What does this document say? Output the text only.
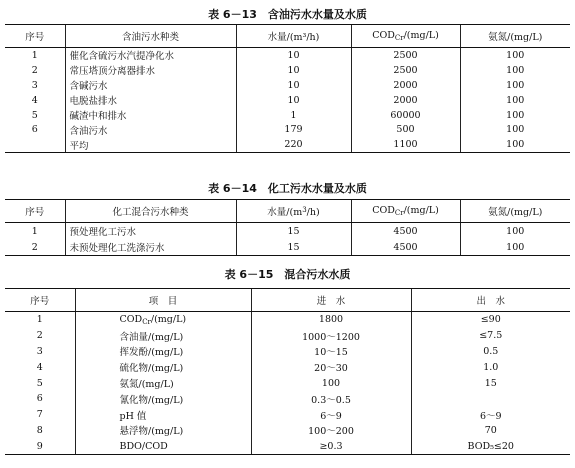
表 6－13　含油污水水量及水质
序号	含油污水种类	水量/(m³/h)	$COD_{Cr}/(mg/L)$	氨氮/(mg/L)
1	催化含硫污水汽提净化水	10	2500	100
2	常压塔顶分离器排水	10	2500	100
3	含碱污水	10	2000	100
4	电脱盐排水	10	2000	100
5	碱渣中和排水	1	60000	100
6	含油污水	179	500	100
	平均	220	1100	100
表 6－14　化工污水水量及水质
序号	化工混合污水种类	水量$/(m^3/h)$	$COD_{Cr}/(mg/L)$	氨氮/(mg/L)
1	预处理化工污水	15	4500	100
2	未预处理化工洗涤污水	15	4500	100
表 6－15　混合污水水质
序号	项　目	进　水	出　水
1	$COD_{Cr}/(mg/L)$	1800	≤90
2	含油量/(mg/L)	1000～1200	≤7.5
3	挥发酚/(mg/L)	10～15	0.5
4	硫化物/(mg/L)	20～30	1.0
5	氨氮/(mg/L)	100	15
6	氰化物/(mg/L)	0.3～0.5	
7	pH 值	6～9	6～9
8	悬浮物/(mg/L)	100～200	70
9	BDO/COD	≥0.3	BOD₅≤20
